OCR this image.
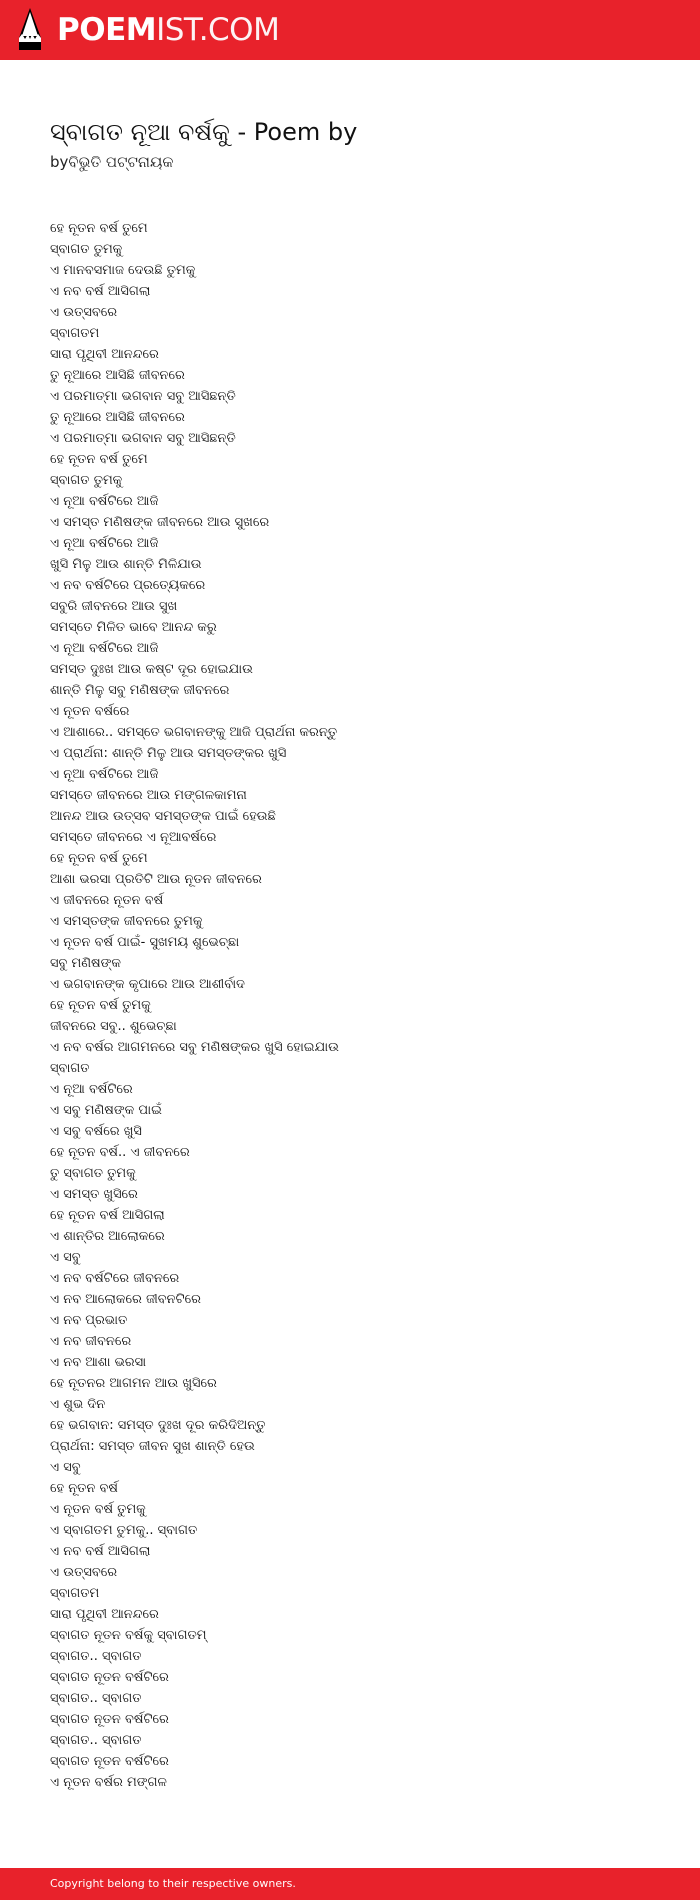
POEMIST.COM
ସ୍ବାଗତ ନୂଆ ବର୍ଷକୁ - Poem by
byବିଭୁତି ପଟ୍ଟନାୟକ
ହେ ନୂତନ ବର୍ଷ ତୁମେ
ସ୍ବାଗତ ତୁମକୁ
ଏ ମାନବସମାଜ ଦେଉଛି ତୁମକୁ
ଏ ନବ ବର୍ଷ ଆସିଗଲା
ଏ ଉତ୍ସବରେ
ସ୍ବାଗତମ
ସାରା ପୃଥିବୀ ଆନନ୍ଦରେ
ତୁ ନୂଆରେ ଆସିଛି ଜୀବନରେ
ଏ ପରମାତ୍ମା ଭଗବାନ ସବୁ ଆସିଛନ୍ତି
ତୁ ନୂଆରେ ଆସିଛି ଜୀବନରେ
ଏ ପରମାତ୍ମା ଭଗବାନ ସବୁ ଆସିଛନ୍ତି
ହେ ନୂତନ ବର୍ଷ ତୁମେ
ସ୍ବାଗତ ତୁମକୁ
ଏ ନୂଆ ବର୍ଷଟିରେ ଆଜି
ଏ ସମସ୍ତ ମଣିଷଙ୍କ ଜୀବନରେ ଆଉ ସୁଖରେ
ଏ ନୂଆ ବର୍ଷଟିରେ ଆଜି
ଖୁସି ମିଳୁ ଆଉ ଶାନ୍ତି ମିଳିଯାଉ
ଏ ନବ ବର୍ଷଟିରେ ପ୍ରତ୍ୟେକରେ
ସବୁରି ଜୀବନରେ ଆଉ ସୁଖ
ସମସ୍ତେ ମିଳିତ ଭାବେ ଆନନ୍ଦ କରୁ
ଏ ନୂଆ ବର୍ଷଟିରେ ଆଜି
ସମସ୍ତ ଦୁଃଖ ଆଉ କଷ୍ଟ ଦୂର ହୋଇଯାଉ
ଶାନ୍ତି ମିଳୁ ସବୁ ମଣିଷଙ୍କ ଜୀବନରେ
ଏ ନୂତନ ବର୍ଷରେ
ଏ ଆଶାରେ.. ସମସ୍ତେ ଭଗବାନଙ୍କୁ ଆଜି ପ୍ରାର୍ଥନା କରନ୍ତୁ
ଏ ପ୍ରାର୍ଥନା: ଶାନ୍ତି ମିଳୁ ଆଉ ସମସ୍ତଙ୍କର ଖୁସି
ଏ ନୂଆ ବର୍ଷଟିରେ ଆଜି
ସମସ୍ତେ ଜୀବନରେ ଆଉ ମଙ୍ଗଳକାମନା
ଆନନ୍ଦ ଆଉ ଉତ୍ସବ ସମସ୍ତଙ୍କ ପାଇଁ ହେଉଛି
ସମସ୍ତେ ଜୀବନରେ ଏ ନୂଆବର୍ଷରେ
ହେ ନୂତନ ବର୍ଷ ତୁମେ
ଆଶା ଭରସା ପ୍ରତିଟି ଆଉ ନୂତନ ଜୀବନରେ
ଏ ଜୀବନରେ ନୂତନ ବର୍ଷ
ଏ ସମସ୍ତଙ୍କ ଜୀବନରେ ତୁମକୁ
ଏ ନୂତନ ବର୍ଷ ପାଇଁ- ସୁଖମୟ ଶୁଭେଚ୍ଛା
ସବୁ ମଣିଷଙ୍କ
ଏ ଭଗବାନଙ୍କ କୃପାରେ ଆଉ ଆଶୀର୍ବାଦ
ହେ ନୂତନ ବର୍ଷ ତୁମକୁ
ଜୀବନରେ ସବୁ.. ଶୁଭେଚ୍ଛା
ଏ ନବ ବର୍ଷର ଆଗମନରେ ସବୁ ମଣିଷଙ୍କର ଖୁସି ହୋଇଯାଉ
ସ୍ବାଗତ
ଏ ନୂଆ ବର୍ଷଟିରେ
ଏ ସବୁ ମଣିଷଙ୍କ ପାଇଁ
ଏ ସବୁ ବର୍ଷରେ ଖୁସି
ହେ ନୂତନ ବର୍ଷ.. ଏ ଜୀବନରେ
ତୁ ସ୍ବାଗତ ତୁମକୁ
ଏ ସମସ୍ତ ଖୁସିରେ
ହେ ନୂତନ ବର୍ଷ ଆସିଗଲା
ଏ ଶାନ୍ତିର ଆଲୋକରେ
ଏ ସବୁ
ଏ ନବ ବର୍ଷଟିରେ ଜୀବନରେ
ଏ ନବ ଆଲୋକରେ ଜୀବନଟିରେ
ଏ ନବ ପ୍ରଭାତ
ଏ ନବ ଜୀବନରେ
ଏ ନବ ଆଶା ଭରସା
ହେ ନୂତନର ଆଗମନ ଆଉ ଖୁସିରେ
ଏ ଶୁଭ ଦିନ
ହେ ଭଗବାନ: ସମସ୍ତ ଦୁଃଖ ଦୂର କରିଦିଅନ୍ତୁ
ପ୍ରାର୍ଥନା: ସମସ୍ତ ଜୀବନ ସୁଖ ଶାନ୍ତି ହେଉ
ଏ ସବୁ
ହେ ନୂତନ ବର୍ଷ
ଏ ନୂତନ ବର୍ଷ ତୁମକୁ
ଏ ସ୍ବାଗତମ ତୁମକୁ.. ସ୍ବାଗତ
ଏ ନବ ବର୍ଷ ଆସିଗଲା
ଏ ଉତ୍ସବରେ
ସ୍ବାଗତମ
ସାରା ପୃଥିବୀ ଆନନ୍ଦରେ
ସ୍ବାଗତ ନୂତନ ବର୍ଷକୁ ସ୍ବାଗତମ୍
ସ୍ବାଗତ.. ସ୍ବାଗତ
ସ୍ବାଗତ ନୂତନ ବର୍ଷଟିରେ
ସ୍ବାଗତ.. ସ୍ବାଗତ
ସ୍ବାଗତ ନୂତନ ବର୍ଷଟିରେ
ସ୍ବାଗତ.. ସ୍ବାଗତ
ସ୍ବାଗତ ନୂତନ ବର୍ଷଟିରେ
ଏ ନୂତନ ବର୍ଷର ମଙ୍ଗଳ
Copyright belong to their respective owners.
